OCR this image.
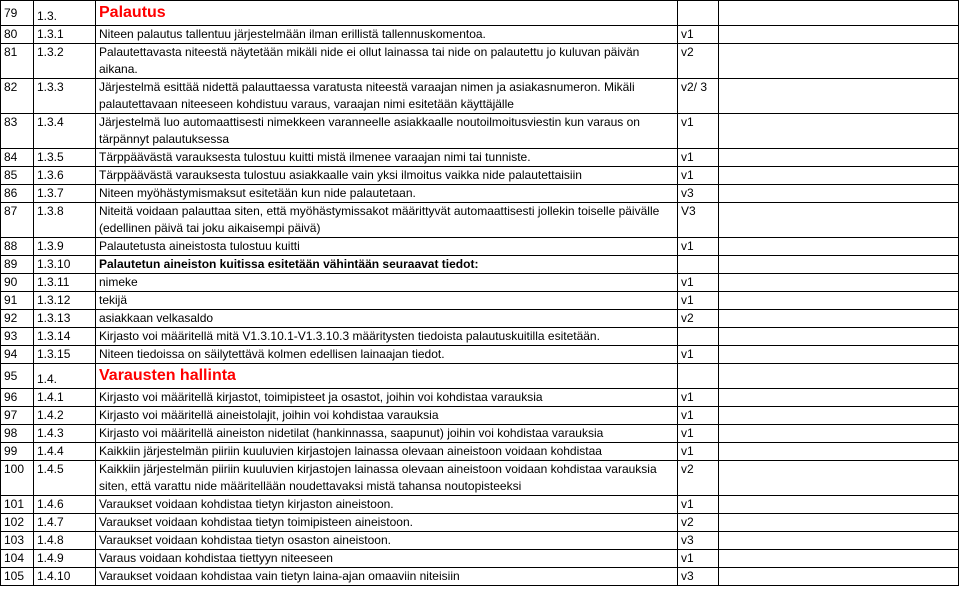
79	1.3.	Palautus		
80	1.3.1	Niteen palautus tallentuu järjestelmään ilman erillistä tallennuskomentoa.	v1	
81	1.3.2	Palautettavasta niteestä näytetään mikäli nide ei ollut lainassa tai nide on palautettu jo kuluvan päivän aikana.	v2	
82	1.3.3	Järjestelmä esittää nidettä palauttaessa varatusta niteestä varaajan nimen ja asiakasnumeron. Mikäli palautettavaan niteeseen kohdistuu varaus, varaajan nimi esitetään käyttäjälle	v2/ 3	
83	1.3.4	Järjestelmä luo automaattisesti nimekkeen varanneelle asiakkaalle noutoilmoitusviestin kun varaus on tärpännyt palautuksessa	v1	
84	1.3.5	Tärppäävästä varauksesta tulostuu kuitti mistä ilmenee varaajan nimi tai tunniste.	v1	
85	1.3.6	Tärppäävästä varauksesta tulostuu asiakkaalle vain yksi ilmoitus vaikka nide palautettaisiin	v1	
86	1.3.7	Niteen myöhästymismaksut esitetään kun nide palautetaan.	v3	
87	1.3.8	Niteitä voidaan palauttaa siten, että myöhästymissakot määrittyvät automaattisesti jollekin toiselle päivälle (edellinen päivä tai joku aikaisempi päivä)	V3	
88	1.3.9	Palautetusta aineistosta tulostuu kuitti	v1	
89	1.3.10	Palautetun aineiston kuitissa esitetään vähintään seuraavat tiedot:		
90	1.3.11	nimeke	v1	
91	1.3.12	tekijä	v1	
92	1.3.13	asiakkaan velkasaldo	v2	
93	1.3.14	Kirjasto voi määritellä mitä V1.3.10.1-V1.3.10.3 määritysten tiedoista palautuskuitilla esitetään.		
94	1.3.15	Niteen tiedoissa on säilytettävä kolmen edellisen lainaajan tiedot.	v1	
95	1.4.	Varausten hallinta		
96	1.4.1	Kirjasto voi määritellä kirjastot, toimipisteet ja osastot, joihin voi kohdistaa varauksia	v1	
97	1.4.2	Kirjasto voi määritellä aineistolajit, joihin voi kohdistaa varauksia	v1	
98	1.4.3	Kirjasto voi määritellä aineiston nidetilat (hankinnassa, saapunut) joihin voi kohdistaa varauksia	v1	
99	1.4.4	Kaikkiin järjestelmän piiriin kuuluvien kirjastojen lainassa olevaan aineistoon voidaan kohdistaa	v1	
100	1.4.5	Kaikkiin järjestelmän piiriin kuuluvien kirjastojen lainassa olevaan aineistoon voidaan kohdistaa varauksia siten, että varattu nide määritellään noudettavaksi mistä tahansa noutopisteeksi	v2	
101	1.4.6	Varaukset voidaan kohdistaa tietyn kirjaston aineistoon.	v1	
102	1.4.7	Varaukset voidaan kohdistaa tietyn toimipisteen aineistoon.	v2	
103	1.4.8	Varaukset voidaan kohdistaa tietyn osaston aineistoon.	v3	
104	1.4.9	Varaus voidaan kohdistaa tiettyyn niteeseen	v1	
105	1.4.10	Varaukset voidaan kohdistaa vain tietyn laina-ajan omaaviin niteisiin	v3	
